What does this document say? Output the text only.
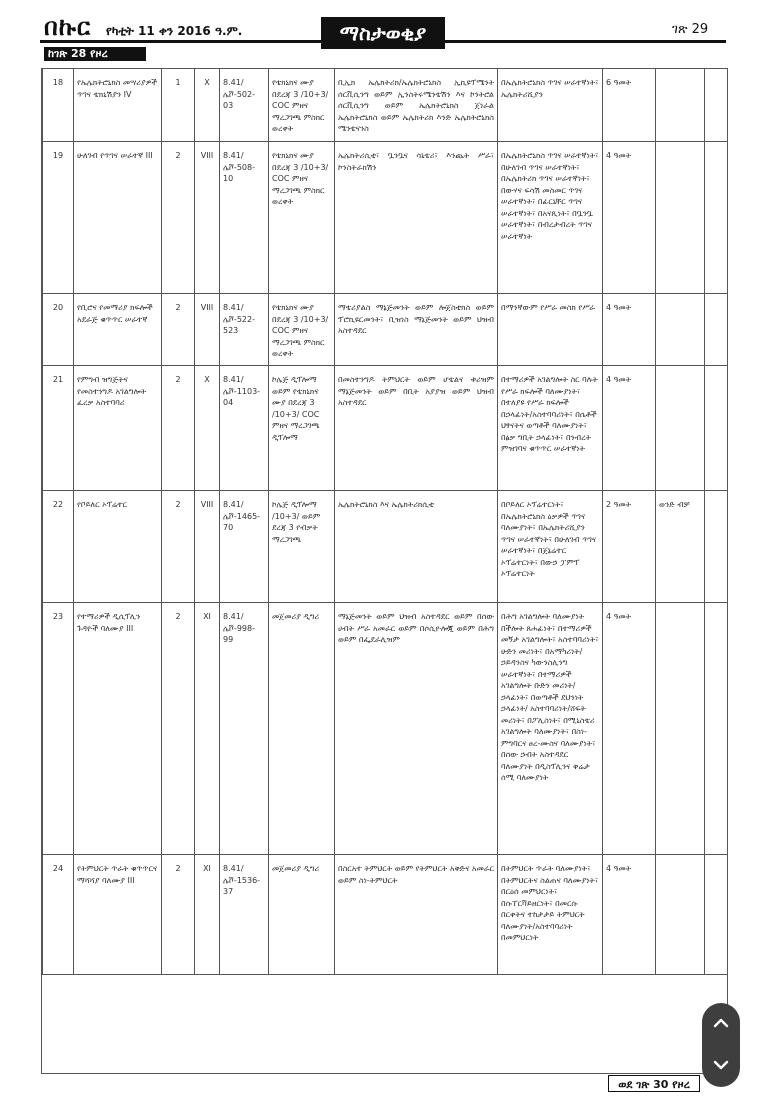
በኩር የካቲት 11 ቀን 2016 ዓ.ም.	ማስታወቂያ	ገጽ 29
ከገጽ 28 የዞረ
18	የኤሌክትሮኒክስ መሣሪያዎች ጥገና ቴክኒሽያን IV	1	X	8.41/ሌቮ-502-03	የቴክኒክና ሙያ በደረጃ 3 /10+3/ COC ምዘና ማረጋገጫ ምስክር ወረቀት	ቢኢክ ኤሌክትሪክ/ኤሌክትሮኒክስ ኢኪዩፕሜንት ሰርቪሲንግ ወይም ኢንስትሩሜንቴሽን እና ኮንትሮል ሰርቪሲንግ ወይም ኤሌክትሮኒክስ ጀነራል ኤሌክትሮኒክስ ወይም ኤሌክትሪክ እንድ ኤሌክትሮኒክስ ሜንቴናንስ	በኤሌክትሮኒክስ ጥገና ሠራተኛነት፣ ኤሌክትሪሺያን	6 ዓመት		

19	ሁለገብ የጥገና ሠራተኛ III	2	VIII	8.41/ሌቮ-508-10	የቴክኒክና ሙያ በደረጃ 3 /10+3/ COC ምዘና ማረጋገጫ ምስክር ወረቀት	ኤሌክትሪሲቲ፣ ቧንቧና ሳኒቴሪ፣ እንጨት ሥራ፣ ኮንስትራክሽን	በኤሌክትሮኒክስ ጥገና ሠራተኛነት፣ በሁለገብ ጥገና ሠራተኛነት፣ በኤሌክትሪክ ጥገና ሠራተኛነት፣ በውሃና ፍሳሽ መስመር ጥገና ሠራተኛነት፣ በፊርኒቸር ጥገና ሠራተኛነት፣ በአናጺነት፣ በቧንቧ ሠራተኛነት፣ በብረታብረት ጥገና ሠራተኛነት	4 ዓመት		

20	የቢሮና የመማሪያ ክፍሎች አደራጅ ቁጥጥር ሠራተኛ	2	VIII	8.41/ሌቮ-522-523	የቴክኒክና ሙያ በደረጃ 3 /10+3/ COC ምዘና ማረጋገጫ ምስክር ወረቀት	ማቴሪያልስ ማኔጅመንት ወይም ሎጀስቲክስ ወይም ፕሮኪዩርመንት፣ ቢዝነስ ማኔጅመንት ወይም ህዝብ አስተዳደር	በማንኛውም የሥራ መስክ የሥራ	4 ዓመት		

21	የምግብ ዝግጅትና የመስተንግዶ አገልግሎት ፈረቃ አስተባባሪ	2	X	8.41/ሌቮ-1103-04	ኮሌጅ ዲፕሎማ ወይም የቴክኒክና ሙያ በደረጃ 3 /10+3/ COC ምዘና ማረጋገጫ ዲፕሎማ	በመስተንግዶ ትምህርት ወይም ሆቴልና ቱሪዝም ማኔጅመንት ወይም በቢት አያያዝ ወይም ህዝብ አስተዳደር	በተማሪዎች አገልግሎት ስር ባሉት የሥራ ክፍሎች ባለሙያነት፣ በተለያዩ የሥራ ክፍሎች በኃላፊነት/አስተባባሪነት፣ በሴቶች ህፃናትና ወጣቶች ባለሙያነት፣ በፅቃ ግቢት ኃላፊነት፣ በንብረት ምዝገባና ቁጥጥር ሠራተኛነት	4 ዓመት		

22	የቦይለር ኦፕሬተር	2	VIII	8.41/ሌቮ-1465-70	ኮሌጅ ዲፕሎማ /10+3/ ወይም ደረጃ 3 የብቃት ማረጋገጫ	ኤሌክትሮኒክስ እና ኤሌክትሪክሲቲ	በቦይለር ኦፕሬተርነት፣ በኤሌክትሮኒክስ ዕቃዎች ጥገና ባለሙያነት፣ በኤሌክትሪሺያን ጥገና ሠራተኛነት፣ በሁለገብ ጥገና ሠራተኛነት፣ በጀኔሬተር ኦፕሬተርነት፣ በውኃ ፓምፕ ኦፕሬተርነት	2 ዓመት	ወንድ ብቻ	

23	የተማሪዎች ዲሲፕሊን ጉዳዮች ባለሙያ III	2	XI	8.41/ሌቮ-998-99	መጀመሪያ ዲግሪ	ማኔጅመንት ወይም ህዝብ አስተዳደር ወይም በሰው ሀብት ሥራ አመራር ወይም በሶሲዮሎጂ ወይም በሕግ ወይም በፌደራሊዝም	በሕግ አገልግሎት ባለሙያነት በችሎት ጸሐፊነት፣ በተማሪዎች መኝታ አገልግሎት፣ አስተባባሪነት፣ ሁድን መሪነት፣ በአማካሪነት/ ኃይዳንስና ካውንስሊንግ ሠራተኛነት፣ በተማሪዎች አገልግሎት ቡድን መሪነት/ ኃላፊነት፣ በወጣቶች ደህንነት ኃላፊነት/ አስተባባሪነት/ሸፍት መሪነት፣ በፖሊስነት፣ በሚኒስቴሪ አገልግሎት ባለሙያነት፣ በስነ-ምግባርና ፀረ-ሙስና ባለሙያነት፣ በሰው ኃብት አስተዳደር ባለሙያነት በዲስፕሊንና ቅሬታ ሰሚ ባለሙያነት	4 ዓመት		

24	የትምህርት ጥራት ቁጥጥርና ማሻሻያ ባለሙያ III	2	XI	8.41/ሌቮ-1536-37	መጀመሪያ ዲግሪ	በስርአተ ትምህርት ወይም የትምህርት አቅድና አመራር ወይም ስነ-ትምህርት	በትምህርት ጥራት ባለሙያነት፣ በትምህርትና ስልጠና ባለሙያነት፣ በርዕሰ መምህርነት፣ በሱፐርቫይዘርነት፣ በመርሱ በርቀትና ተከታታይ ትምህርት ባለሙያነት/አስተባባሪነት በመምህርነት	4 ዓመት		

ወደ ገጽ 30 የዞረ
